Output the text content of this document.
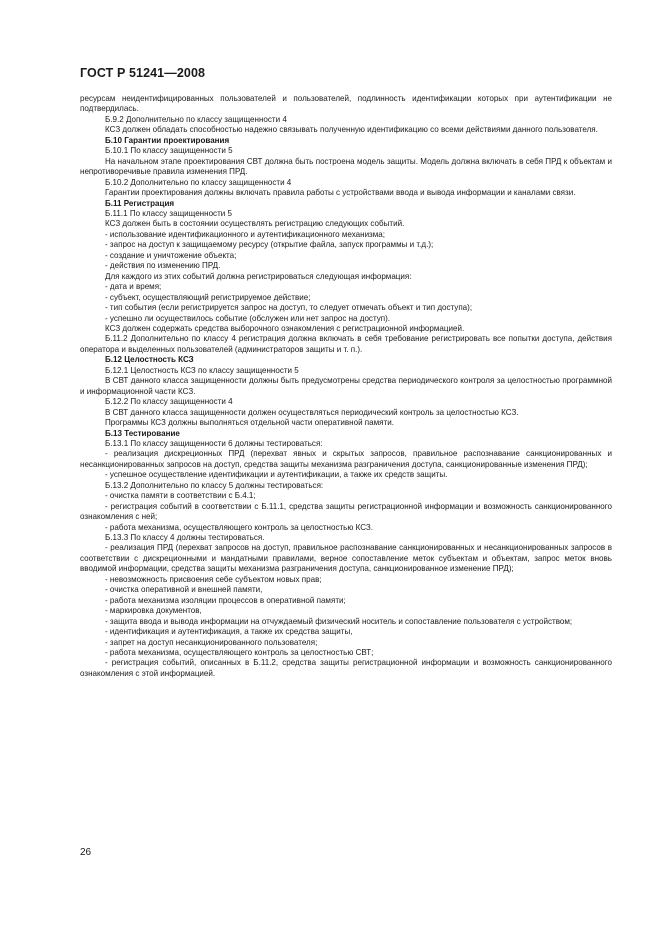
ГОСТ Р 51241—2008

ресурсам неидентифицированных пользователей и пользователей, подлинность идентификации которых при аутентификации не подтвердилась.

Б.9.2 Дополнительно по классу защищенности 4

КСЗ должен обладать способностью надежно связывать полученную идентификацию со всеми действиями данного пользователя.

Б.10 Гарантии проектирования

Б.10.1 По классу защищенности 5

На начальном этапе проектирования СВТ должна быть построена модель защиты. Модель должна включать в себя ПРД к объектам и непротиворечивые правила изменения ПРД.

Б.10.2 Дополнительно по классу защищенности 4

Гарантии проектирования должны включать правила работы с устройствами ввода и вывода информации и каналами связи.

Б.11 Регистрация

Б.11.1 По классу защищенности 5

КСЗ должен быть в состоянии осуществлять регистрацию следующих событий.

- использование идентификационного и аутентификационного механизма;

- запрос на доступ к защищаемому ресурсу (открытие файла, запуск программы и т.д.);

- создание и уничтожение объекта;

- действия по изменению ПРД.

Для каждого из этих событий должна регистрироваться следующая информация:

- дата и время;

- субъект, осуществляющий регистрируемое действие;

- тип события (если регистрируется запрос на доступ, то следует отмечать объект и тип доступа);

- успешно ли осуществилось событие (обслужен или нет запрос на доступ).

КСЗ должен содержать средства выборочного ознакомления с регистрационной информацией.

Б.11.2 Дополнительно по классу 4 регистрация должна включать в себя требование регистрировать все попытки доступа, действия оператора и выделенных пользователей (администраторов защиты и т. п.).

Б.12 Целостность КСЗ

Б.12.1 Целостность КСЗ по классу защищенности 5

В СВТ данного класса защищенности должны быть предусмотрены средства периодического контроля за целостностью программной и информационной части КСЗ.

Б.12.2 По классу защищенности 4

В СВТ данного класса защищенности должен осуществляться периодический контроль за целостностью КСЗ.

Программы КСЗ должны выполняться отдельной части оперативной памяти.

Б.13 Тестирование

Б.13.1 По классу защищенности 6 должны тестироваться:

- реализация дискреционных ПРД (перехват явных и скрытых запросов, правильное распознавание санкционированных и несанкционированных запросов на доступ, средства защиты механизма разграничения доступа, санкционированные изменения ПРД);

- успешное осуществление идентификации и аутентификации, а также их средств защиты.

Б.13.2 Дополнительно по классу 5 должны тестироваться:

- очистка памяти в соответствии с Б.4.1;

- регистрация событий в соответствии с Б.11.1, средства защиты регистрационной информации и возможность санкционированного ознакомления с ней;

- работа механизма, осуществляющего контроль за целостностью КСЗ.

Б.13.3 По классу 4 должны тестироваться.

- реализация ПРД (перехват запросов на доступ, правильное распознавание санкционированных и несанкционированных запросов в соответствии с дискреционными и мандатными правилами, верное сопоставление меток субъектам и объектам, запрос меток вновь вводимой информации, средства защиты механизма разграничения доступа, санкционированное изменение ПРД);

- невозможность присвоения себе субъектом новых прав;

- очистка оперативной и внешней памяти,

- работа механизма изоляции процессов в оперативной памяти;

- маркировка документов,

- защита ввода и вывода информации на отчуждаемый физический носитель и сопоставление пользователя с устройством;

- идентификация и аутентификация, а также их средства защиты,

- запрет на доступ несанкционированного пользователя;

- работа механизма, осуществляющего контроль за целостностью СВТ;

- регистрация событий, описанных в Б.11.2, средства защиты регистрационной информации и возможность санкционированного ознакомления с этой информацией.

26
